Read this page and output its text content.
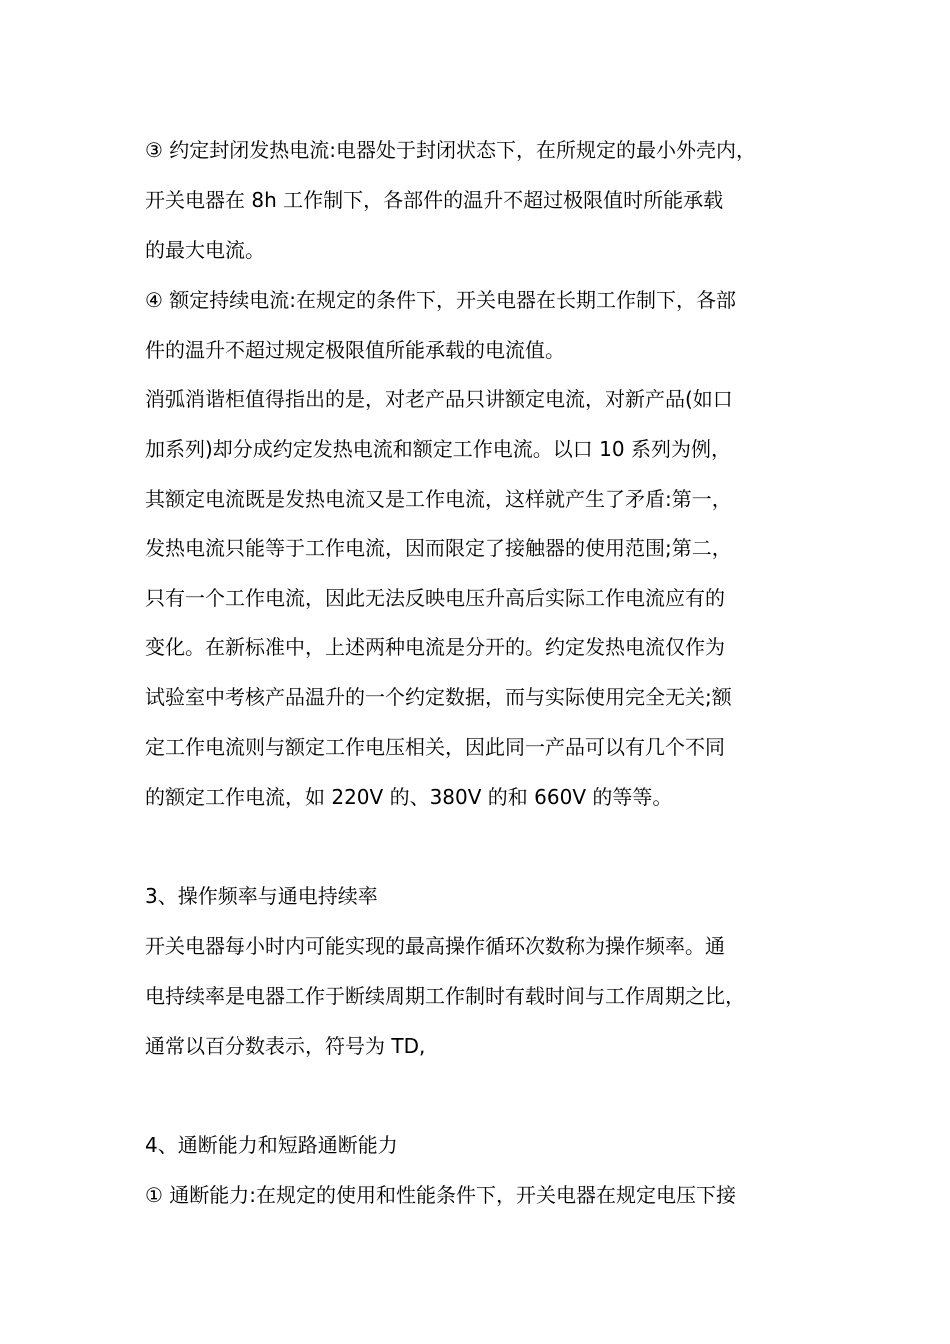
③ 约定封闭发热电流:电器处于封闭状态下，在所规定的最小外壳内，
开关电器在 8h 工作制下，各部件的温升不超过极限值时所能承载
的最大电流。
④ 额定持续电流:在规定的条件下，开关电器在长期工作制下，各部
件的温升不超过规定极限值所能承载的电流值。
消弧消谐柜值得指出的是，对老产品只讲额定电流，对新产品(如口
加系列)却分成约定发热电流和额定工作电流。以口 10 系列为例，
其额定电流既是发热电流又是工作电流，这样就产生了矛盾:第一，
发热电流只能等于工作电流，因而限定了接触器的使用范围;第二，
只有一个工作电流，因此无法反映电压升高后实际工作电流应有的
变化。在新标准中，上述两种电流是分开的。约定发热电流仅作为
试验室中考核产品温升的一个约定数据，而与实际使用完全无关;额
定工作电流则与额定工作电压相关，因此同一产品可以有几个不同
的额定工作电流，如 220V 的、380V 的和 660V 的等等。
3、操作频率与通电持续率
开关电器每小时内可能实现的最高操作循环次数称为操作频率。通
电持续率是电器工作于断续周期工作制时有载时间与工作周期之比，
通常以百分数表示，符号为 TD,
4、通断能力和短路通断能力
① 通断能力:在规定的使用和性能条件下，开关电器在规定电压下接
